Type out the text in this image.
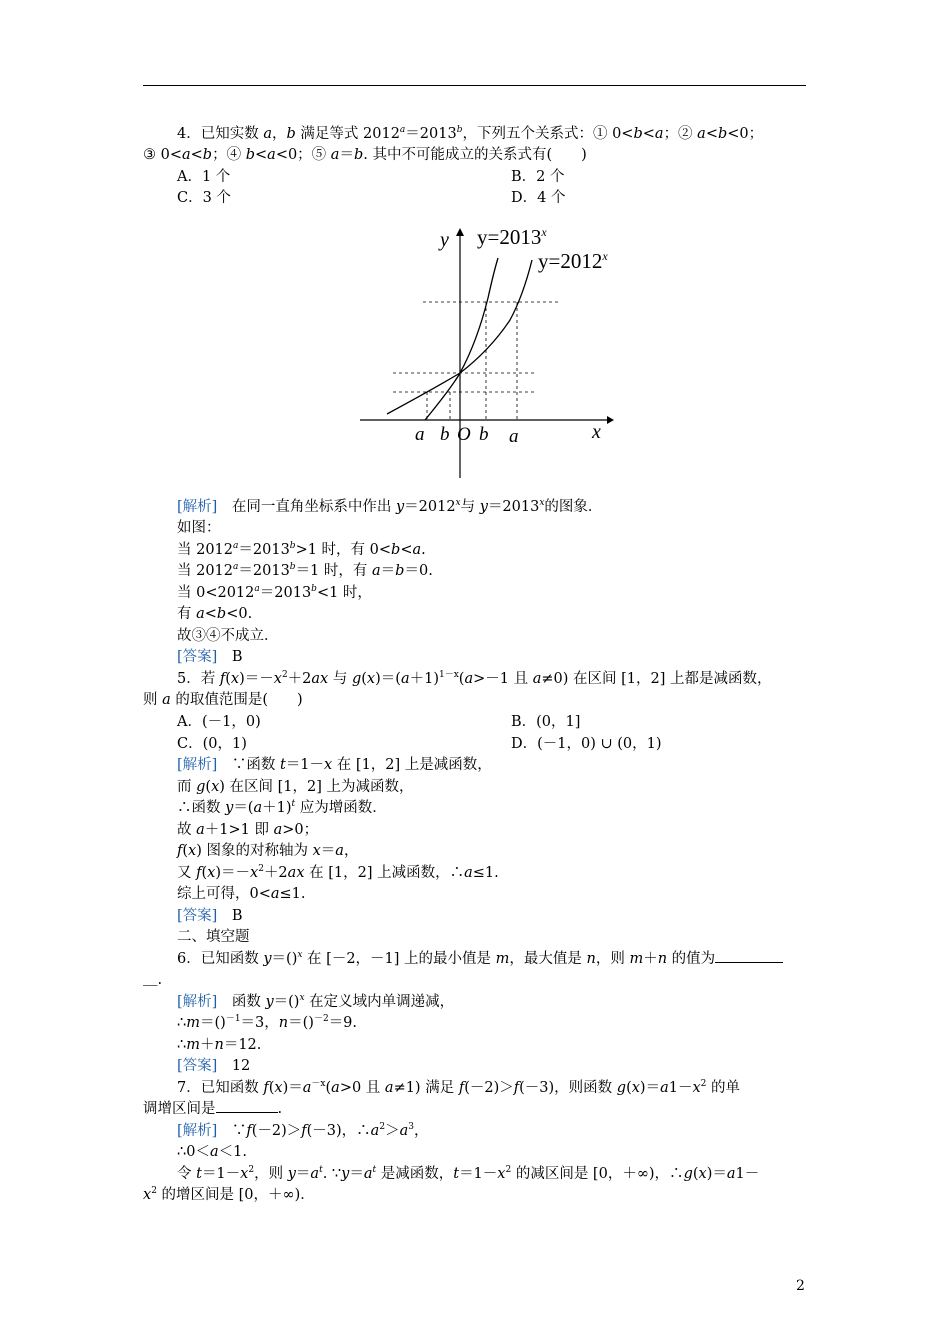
4．已知实数 a，b 满足等式 $2012^a=2013^b$，下列五个关系式：① 0<b<a；② a<b<0；
③ 0<a<b；④ b<a<0；⑤ a＝b. 其中不可能成立的关系式有(　　)
A．1 个	B．2 个
C．3 个	D．4 个
y $y=2013^x$
$y=2012^x$
x
a b O b a
[解析]　在同一直角坐标系中作出 $y=2012^x$与 $y=2013^x$的图象．
如图：
当 $2012^a=2013^b>1$ 时，有 0<b<a.
当 $2012^a=2013^b=1$ 时，有 a＝b＝0.
当 $0<2012^a=2013^b<1$ 时，
有 a<b<0.
故③④不成立．
[答案]　B
5．若 $f(x)=-x^2+2ax$ 与 $g(x)=(a+1)^{1-x}(a>-1$ 且 a≠0) 在区间 [1，2] 上都是减函数，
则 a 的取值范围是(　　)
A．(－1，0)	B．(0，1]
C．(0，1)	D．(－1，0) ∪ (0，1)
[解析]　∵函数 t＝1－x 在 [1，2] 上是减函数，
而 g(x) 在区间 [1，2] 上为减函数，
∴函数 $y=(a+1)^t$ 应为增函数．
故 a＋1>1 即 a>0；
f(x) 图象的对称轴为 x＝a，
又 $f(x)=-x^2+2ax$ 在 [1，2] 上减函数，∴a≤1.
综上可得，0<a≤1.
[答案]　B
二、填空题
6．已知函数 y＝()$^x$ 在 [－2，－1] 上的最小值是 m，最大值是 n，则 m＋n 的值为
＿.
[解析]　函数 y＝()$^x$ 在定义域内单调递减，
∴m＝()$^{-1}$＝3，n＝()$^{-2}$＝9.
∴m＋n＝12.
[答案]　12
7．已知函数 $f(x)=a^{-x}(a>0$ 且 a≠1) 满足 f(－2)＞f(－3)，则函数 $g(x)=a1-x^2$ 的单
调增区间是	.
[解析]　∵f(－2)＞f(－3)，$\therefore a^2>a^3$，
∴0＜a＜1.
令 $t=1-x^2$，则 $y=a^t$. $\because y=a^t$ 是减函数，$t=1-x^2$ 的减区间是 [0，＋∞)，∴g(x)＝a1－
$x^2$ 的增区间是 [0，＋∞)．
2
